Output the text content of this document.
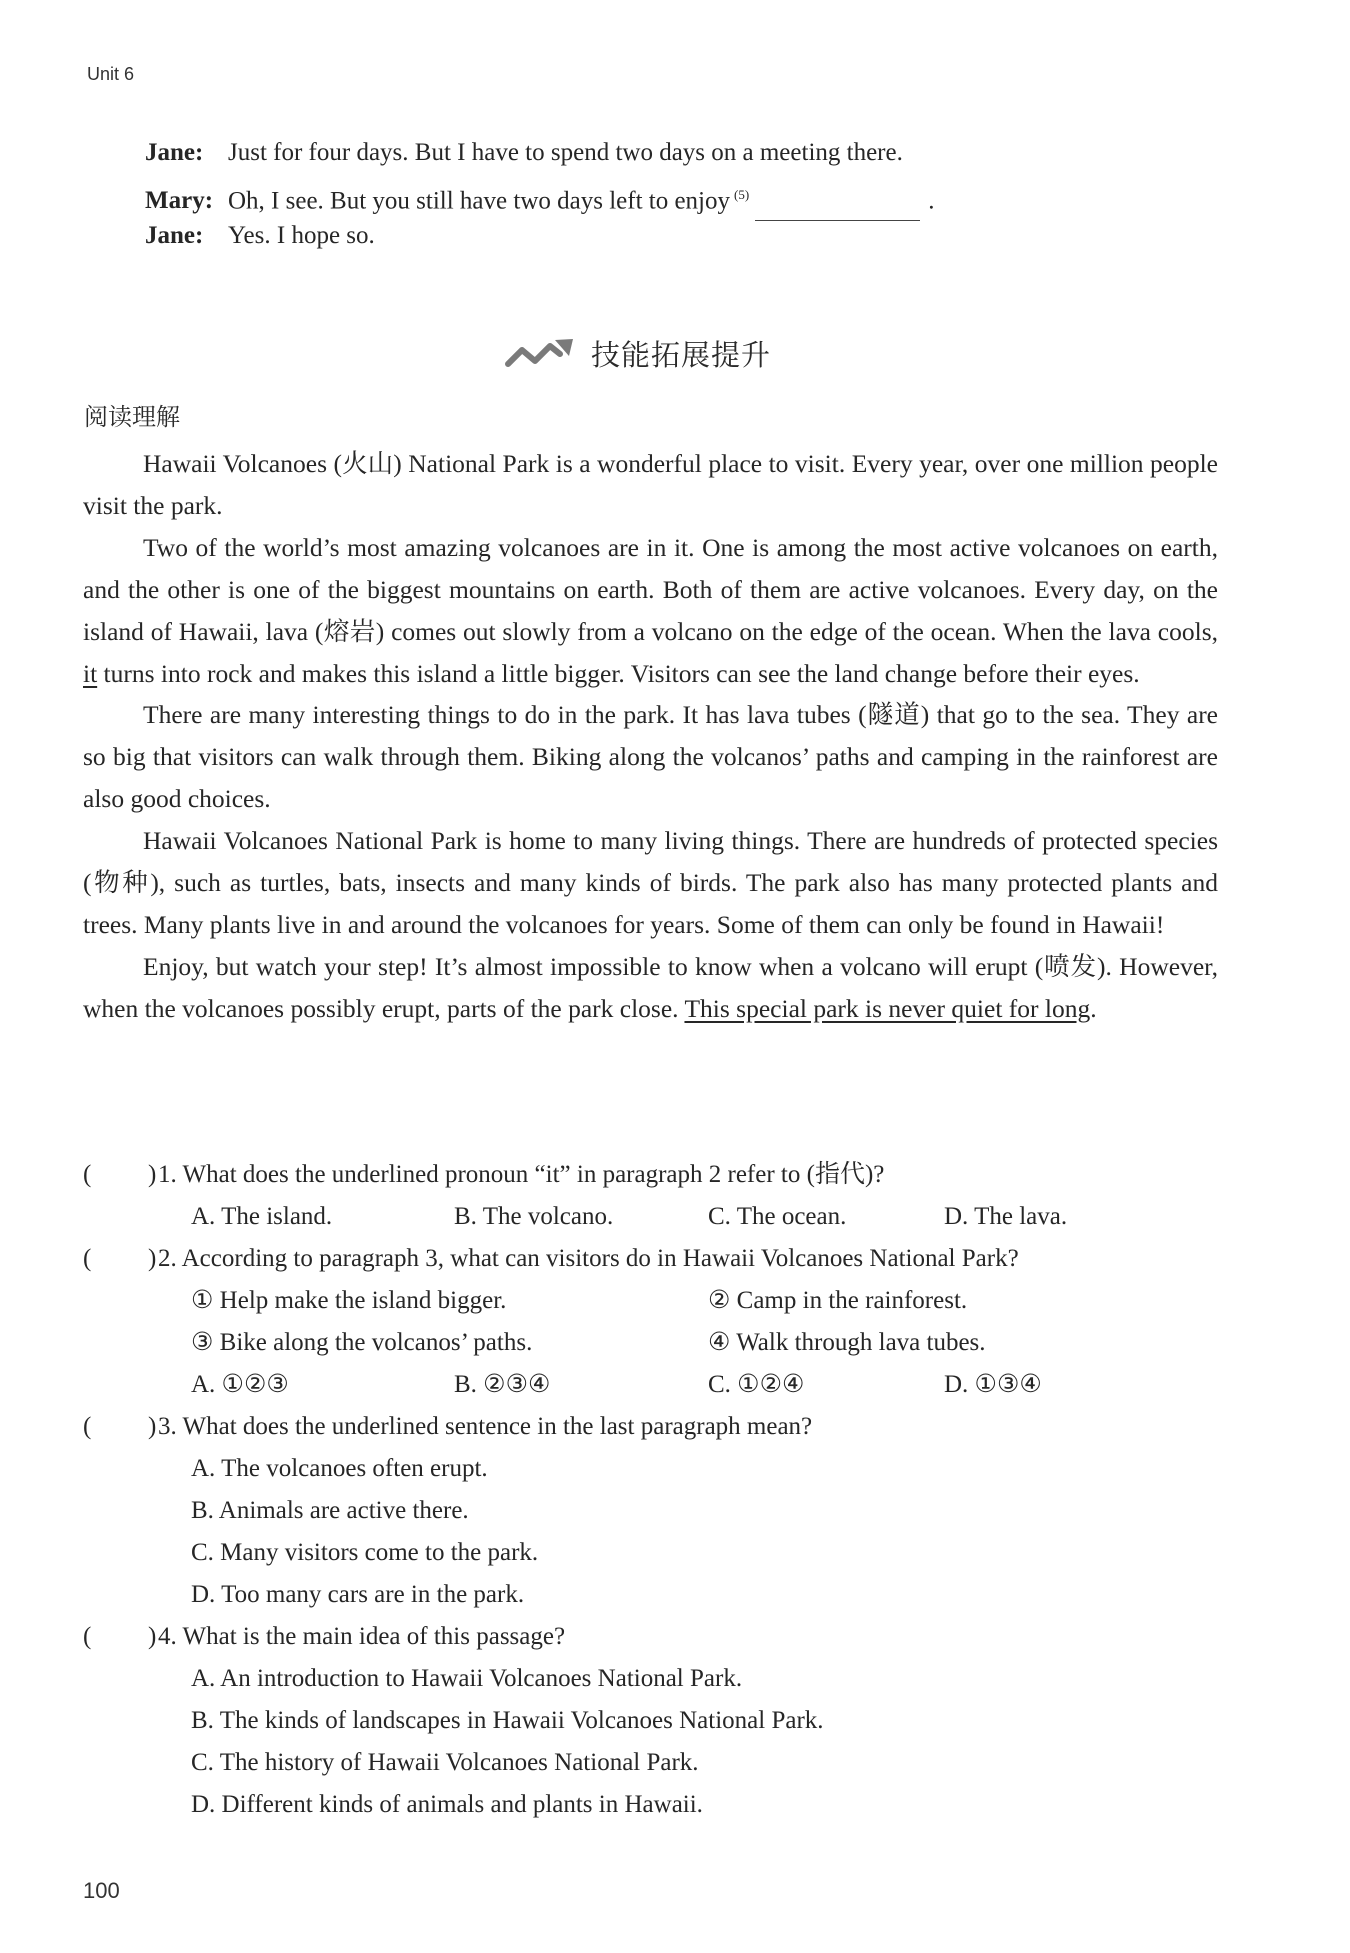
Unit 6
Jane: Just for four days. But I have to spend two days on a meeting there.
Mary: Oh, I see. But you still have two days left to enjoy $^{(5)}$	.
Jane: Yes. I hope so.
技能拓展提升
阅读理解

Hawaii Volcanoes (火山) National Park is a wonderful place to visit. Every year, over one million people visit the park.

Two of the world’s most amazing volcanoes are in it. One is among the most active volcanoes on earth, and the other is one of the biggest mountains on earth. Both of them are active volcanoes. Every day, on the island of Hawaii, lava (熔岩) comes out slowly from a volcano on the edge of the ocean. When the lava cools, it turns into rock and makes this island a little bigger. Visitors can see the land change before their eyes.

There are many interesting things to do in the park. It has lava tubes (隧道) that go to the sea. They are so big that visitors can walk through them. Biking along the volcanos’ paths and camping in the rainforest are also good choices.

Hawaii Volcanoes National Park is home to many living things. There are hundreds of protected species (物种), such as turtles, bats, insects and many kinds of birds. The park also has many protected plants and trees. Many plants live in and around the volcanoes for years. Some of them can only be found in Hawaii!

Enjoy, but watch your step! It’s almost impossible to know when a volcano will erupt (喷发). However, when the volcanoes possibly erupt, parts of the park close. This special park is never quiet for long.

( )1. What does the underlined pronoun “it” in paragraph 2 refer to (指代)?
A. The island.	B. The volcano.	C. The ocean.	D. The lava.
( )2. According to paragraph 3, what can visitors do in Hawaii Volcanoes National Park?
① Help make the island bigger.	② Camp in the rainforest.
③ Bike along the volcanos’ paths.	④ Walk through lava tubes.
A. ①②③	B. ②③④	C. ①②④	D. ①③④
( )3. What does the underlined sentence in the last paragraph mean?
A. The volcanoes often erupt.
B. Animals are active there.
C. Many visitors come to the park.
D. Too many cars are in the park.
( )4. What is the main idea of this passage?
A. An introduction to Hawaii Volcanoes National Park.
B. The kinds of landscapes in Hawaii Volcanoes National Park.
C. The history of Hawaii Volcanoes National Park.
D. Different kinds of animals and plants in Hawaii.
100
